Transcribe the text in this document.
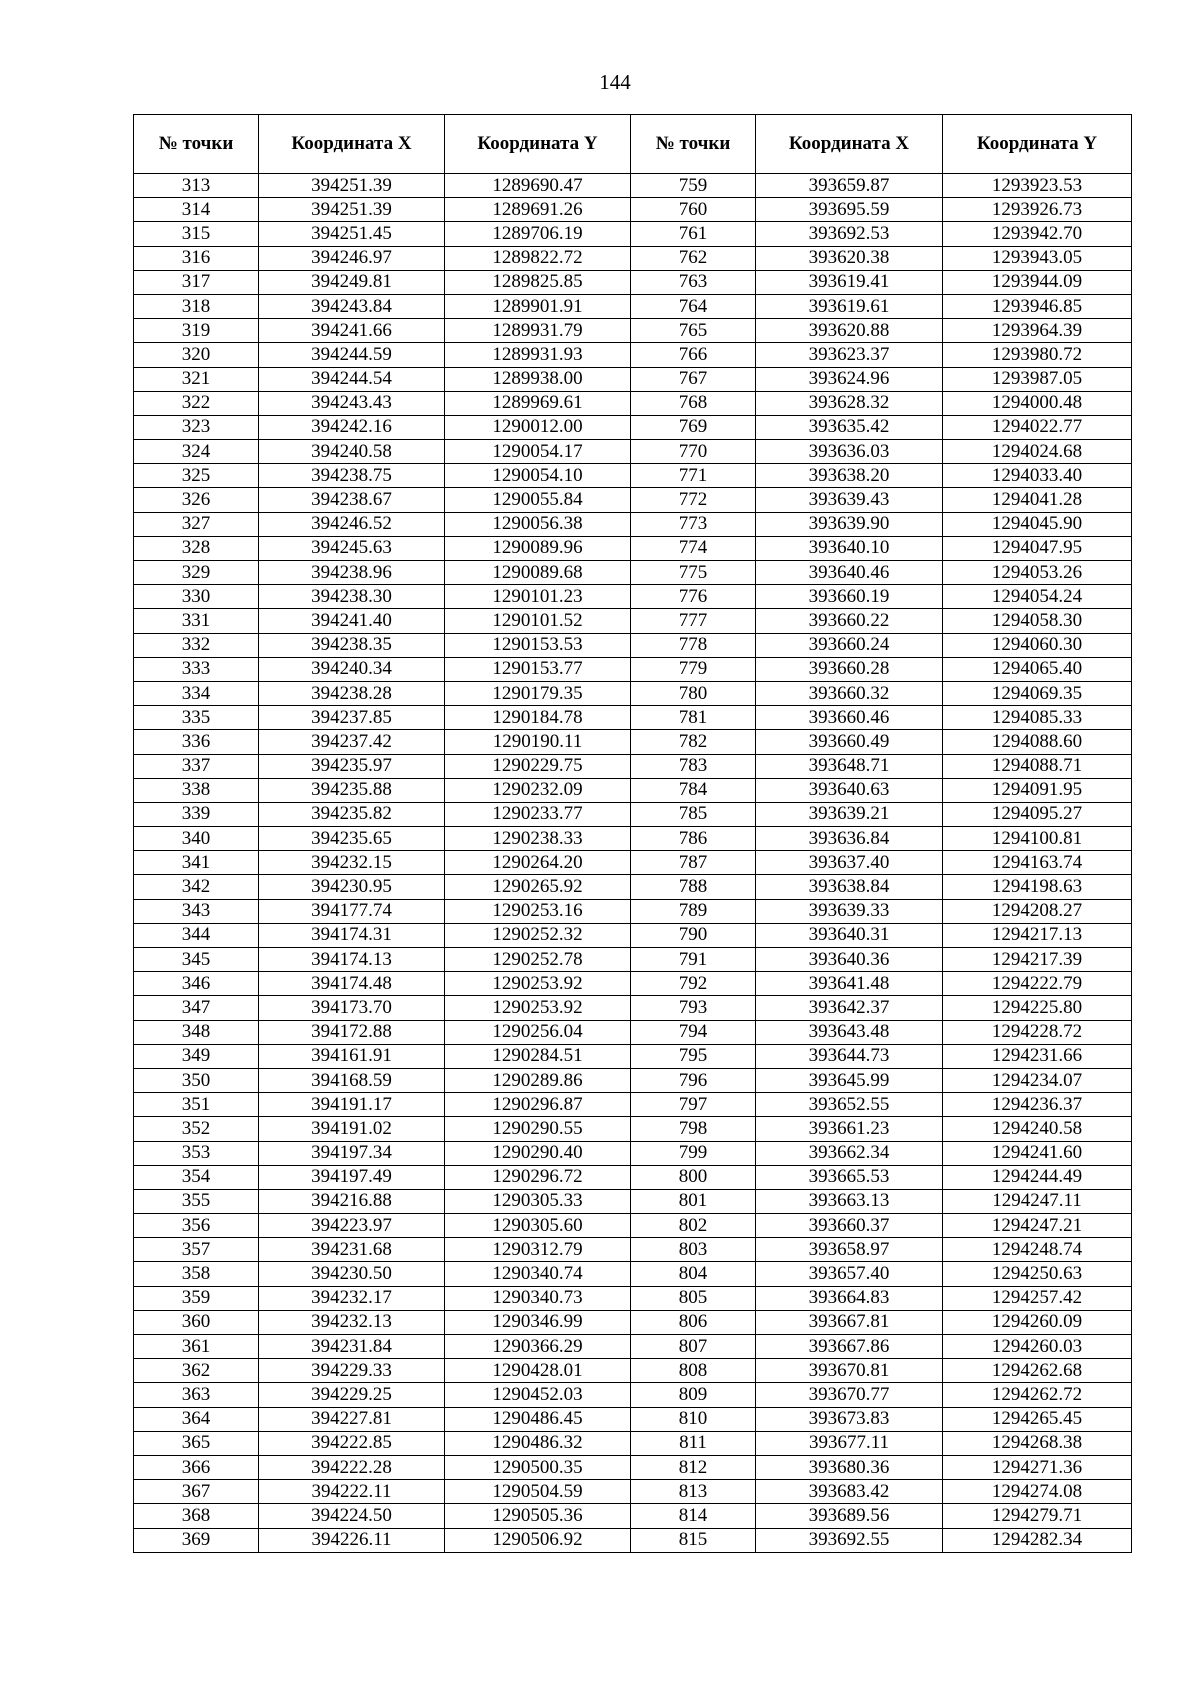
144
№ точки	Координата X	Координата Y	№ точки	Координата X	Координата Y
313	394251.39	1289690.47	759	393659.87	1293923.53
314	394251.39	1289691.26	760	393695.59	1293926.73
315	394251.45	1289706.19	761	393692.53	1293942.70
316	394246.97	1289822.72	762	393620.38	1293943.05
317	394249.81	1289825.85	763	393619.41	1293944.09
318	394243.84	1289901.91	764	393619.61	1293946.85
319	394241.66	1289931.79	765	393620.88	1293964.39
320	394244.59	1289931.93	766	393623.37	1293980.72
321	394244.54	1289938.00	767	393624.96	1293987.05
322	394243.43	1289969.61	768	393628.32	1294000.48
323	394242.16	1290012.00	769	393635.42	1294022.77
324	394240.58	1290054.17	770	393636.03	1294024.68
325	394238.75	1290054.10	771	393638.20	1294033.40
326	394238.67	1290055.84	772	393639.43	1294041.28
327	394246.52	1290056.38	773	393639.90	1294045.90
328	394245.63	1290089.96	774	393640.10	1294047.95
329	394238.96	1290089.68	775	393640.46	1294053.26
330	394238.30	1290101.23	776	393660.19	1294054.24
331	394241.40	1290101.52	777	393660.22	1294058.30
332	394238.35	1290153.53	778	393660.24	1294060.30
333	394240.34	1290153.77	779	393660.28	1294065.40
334	394238.28	1290179.35	780	393660.32	1294069.35
335	394237.85	1290184.78	781	393660.46	1294085.33
336	394237.42	1290190.11	782	393660.49	1294088.60
337	394235.97	1290229.75	783	393648.71	1294088.71
338	394235.88	1290232.09	784	393640.63	1294091.95
339	394235.82	1290233.77	785	393639.21	1294095.27
340	394235.65	1290238.33	786	393636.84	1294100.81
341	394232.15	1290264.20	787	393637.40	1294163.74
342	394230.95	1290265.92	788	393638.84	1294198.63
343	394177.74	1290253.16	789	393639.33	1294208.27
344	394174.31	1290252.32	790	393640.31	1294217.13
345	394174.13	1290252.78	791	393640.36	1294217.39
346	394174.48	1290253.92	792	393641.48	1294222.79
347	394173.70	1290253.92	793	393642.37	1294225.80
348	394172.88	1290256.04	794	393643.48	1294228.72
349	394161.91	1290284.51	795	393644.73	1294231.66
350	394168.59	1290289.86	796	393645.99	1294234.07
351	394191.17	1290296.87	797	393652.55	1294236.37
352	394191.02	1290290.55	798	393661.23	1294240.58
353	394197.34	1290290.40	799	393662.34	1294241.60
354	394197.49	1290296.72	800	393665.53	1294244.49
355	394216.88	1290305.33	801	393663.13	1294247.11
356	394223.97	1290305.60	802	393660.37	1294247.21
357	394231.68	1290312.79	803	393658.97	1294248.74
358	394230.50	1290340.74	804	393657.40	1294250.63
359	394232.17	1290340.73	805	393664.83	1294257.42
360	394232.13	1290346.99	806	393667.81	1294260.09
361	394231.84	1290366.29	807	393667.86	1294260.03
362	394229.33	1290428.01	808	393670.81	1294262.68
363	394229.25	1290452.03	809	393670.77	1294262.72
364	394227.81	1290486.45	810	393673.83	1294265.45
365	394222.85	1290486.32	811	393677.11	1294268.38
366	394222.28	1290500.35	812	393680.36	1294271.36
367	394222.11	1290504.59	813	393683.42	1294274.08
368	394224.50	1290505.36	814	393689.56	1294279.71
369	394226.11	1290506.92	815	393692.55	1294282.34
